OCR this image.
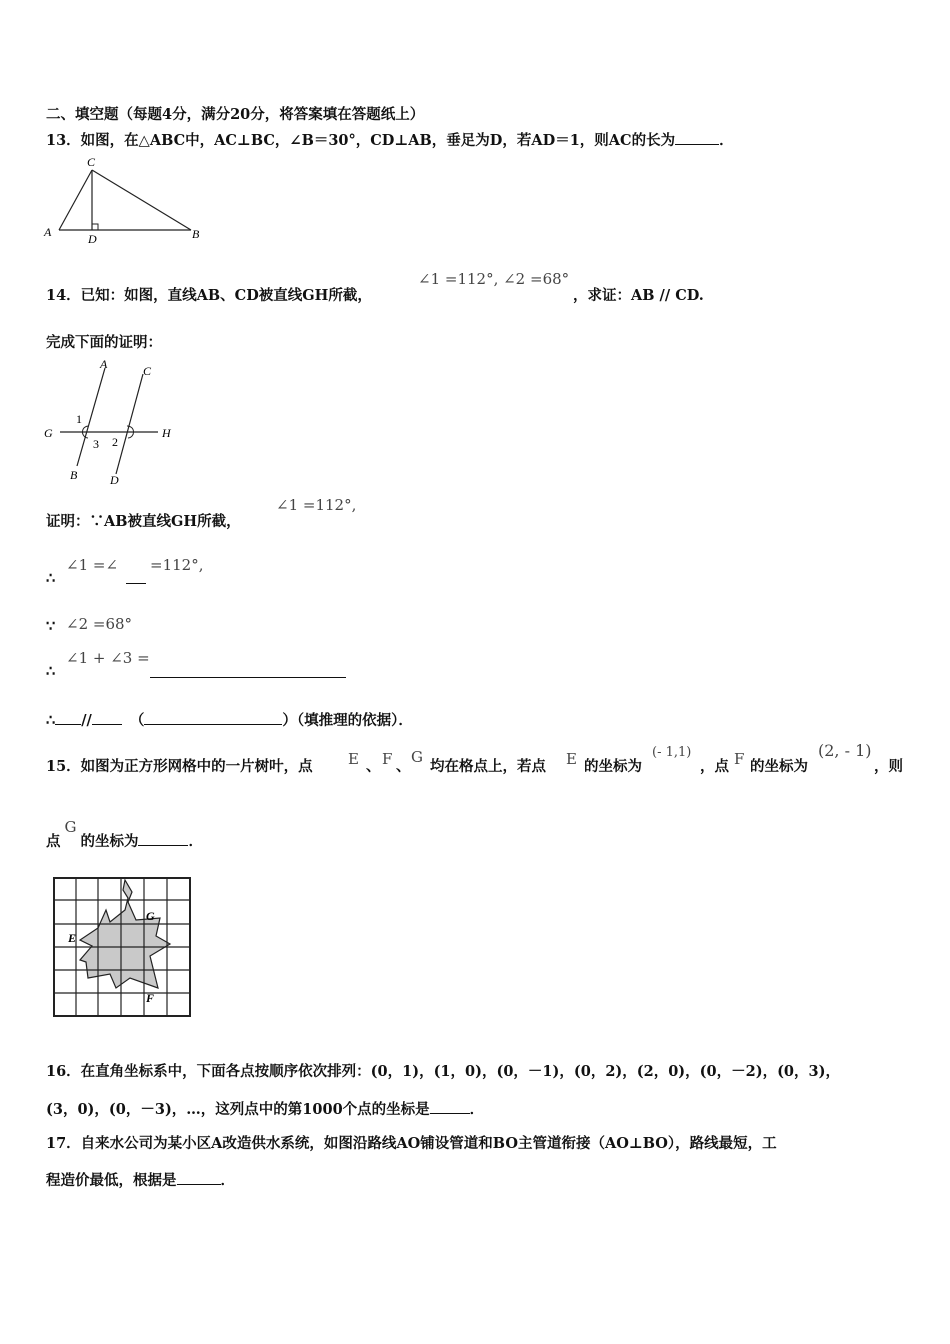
二、填空题（每题4分，满分20分，将答案填在答题纸上）
13．如图，在△ABC中，AC⊥BC，∠B＝30°，CD⊥AB，垂足为D，若AD＝1，则AC的长为	．
C
A	D	B
14．已知：如图，直线AB、CD被直线GH所截，
∠1 =112°, ∠2 =68°
，求证：AB // CD.
完成下面的证明：
A	C
G	H
B	D
1
3 2
证明：∵AB被直线GH所截，
∠1 =112°,
∴
∠1 =∠ =112°,
∵ ∠2 =68°
∴
∠1 + ∠3 =
∴ //	（	）（填推理的依据）．
15．如图为正方形网格中的一片树叶，点 E 、 F 、
G
均在格点上，若点 E 的坐标为
(- 1,1)
，点 F 的坐标为
(2, - 1)
，则
点G的坐标为	．
G
E
F
16．在直角坐标系中，下面各点按顺序依次排列：(0，1)，(1，0)，(0，－1)，(0，2)，(2，0)，(0，－2)，(0，3)，
(3，0)，(0，－3)，…，这列点中的第1000个点的坐标是	．
17．自来水公司为某小区A改造供水系统，如图沿路线AO铺设管道和BO主管道衔接（AO⊥BO），路线最短，工
程造价最低，根据是	．
